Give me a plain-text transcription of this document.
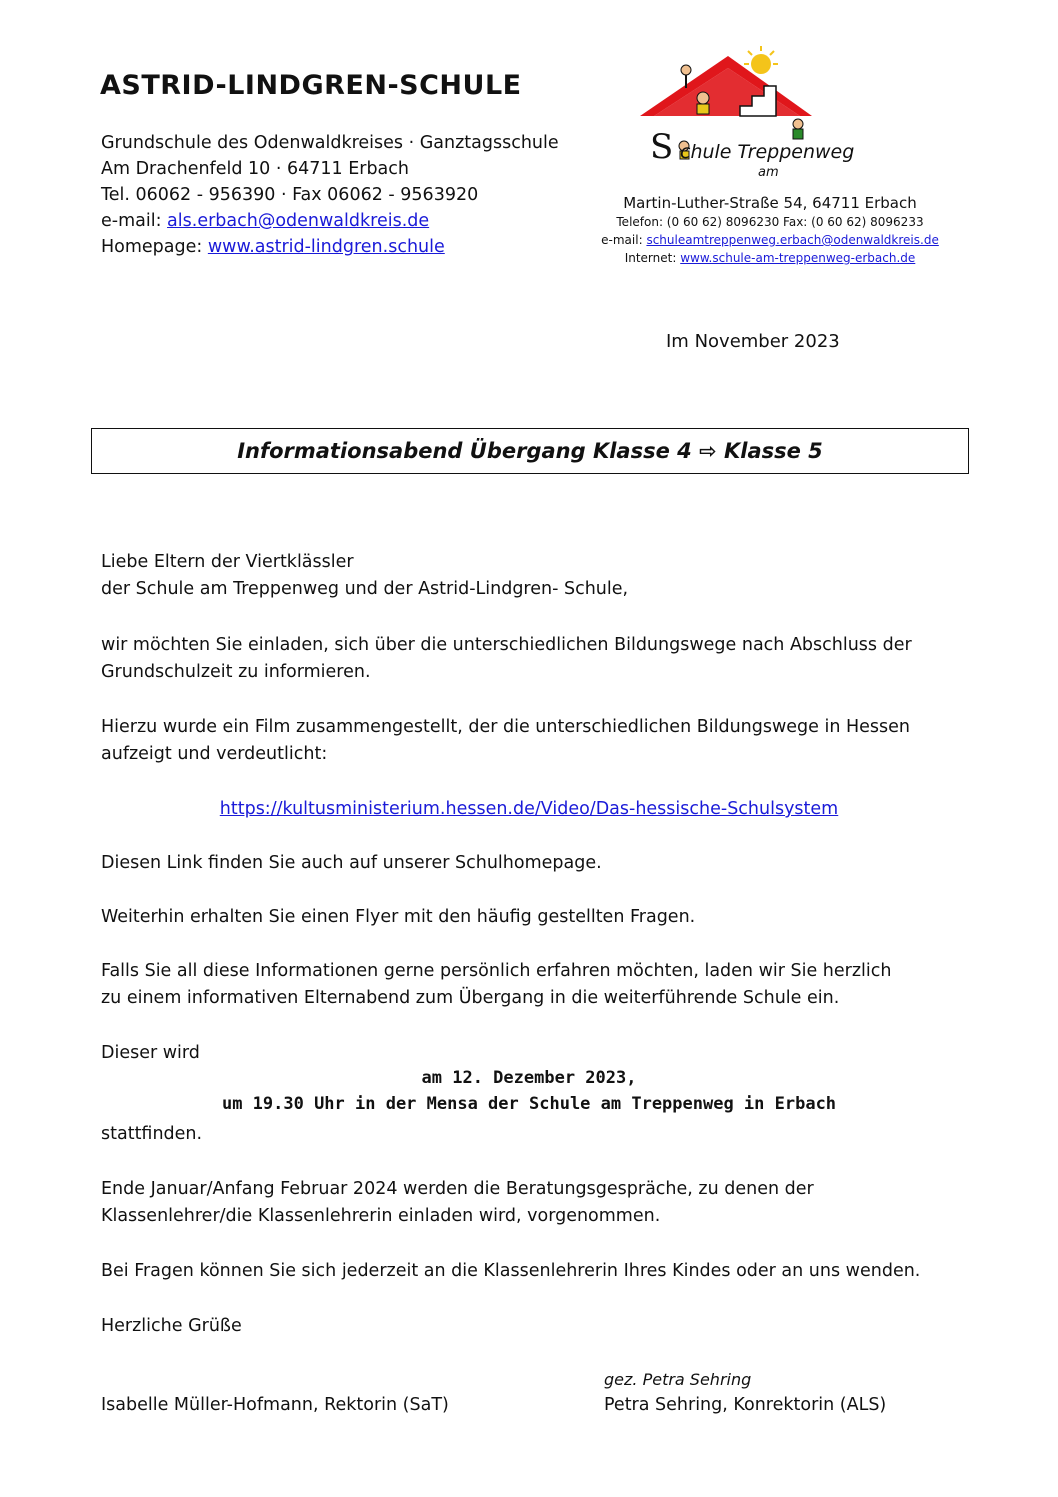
ASTRID-LINDGREN-SCHULE
Grundschule des Odenwaldkreises · Ganztagsschule
Am Drachenfeld 10 · 64711 Erbach
Tel. 06062 - 956390 · Fax 06062 - 9563920
e-mail: als.erbach@odenwaldkreis.de
Homepage: www.astrid-lindgren.schule
S chule Treppenweg
am
Martin-Luther-Straße 54, 64711 Erbach
Telefon: (0 60 62) 8096230 Fax: (0 60 62) 8096233
e-mail: schuleamtreppenweg.erbach@odenwaldkreis.de
Internet: www.schule-am-treppenweg-erbach.de
Im November 2023
Informationsabend Übergang Klasse 4 ⇨ Klasse 5
Liebe Eltern der Viertklässler
der Schule am Treppenweg und der Astrid-Lindgren- Schule,
wir möchten Sie einladen, sich über die unterschiedlichen Bildungswege nach Abschluss der
Grundschulzeit zu informieren.
Hierzu wurde ein Film zusammengestellt, der die unterschiedlichen Bildungswege in Hessen
aufzeigt und verdeutlicht:
https://kultusministerium.hessen.de/Video/Das-hessische-Schulsystem
Diesen Link finden Sie auch auf unserer Schulhomepage.
Weiterhin erhalten Sie einen Flyer mit den häufig gestellten Fragen.
Falls Sie all diese Informationen gerne persönlich erfahren möchten, laden wir Sie herzlich
zu einem informativen Elternabend zum Übergang in die weiterführende Schule ein.
Dieser wird
am 12. Dezember 2023,
um 19.30 Uhr in der Mensa der Schule am Treppenweg in Erbach
stattfinden.
Ende Januar/Anfang Februar 2024 werden die Beratungsgespräche, zu denen der
Klassenlehrer/die Klassenlehrerin einladen wird, vorgenommen.
Bei Fragen können Sie sich jederzeit an die Klassenlehrerin Ihres Kindes oder an uns wenden.
Herzliche Grüße
gez. Petra Sehring
Isabelle Müller-Hofmann, Rektorin (SaT)	Petra Sehring, Konrektorin (ALS)
